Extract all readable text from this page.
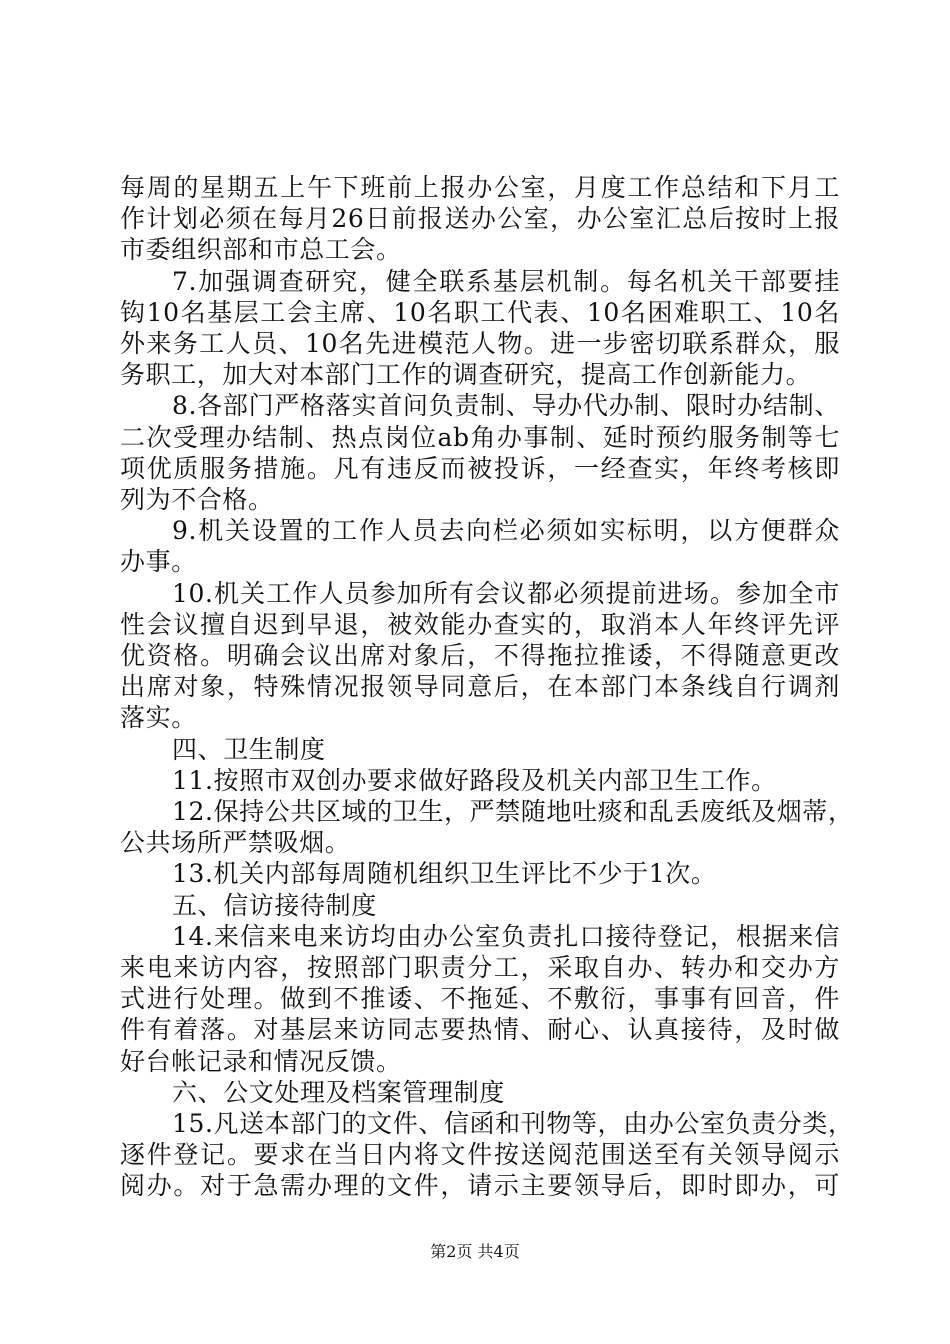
每周的星期五上午下班前上报办公室，月度工作总结和下月工

作计划必须在每月26日前报送办公室，办公室汇总后按时上报

市委组织部和市总工会。

7.加强调查研究，健全联系基层机制。每名机关干部要挂

钩10名基层工会主席、10名职工代表、10名困难职工、10名

外来务工人员、10名先进模范人物。进一步密切联系群众，服

务职工，加大对本部门工作的调查研究，提高工作创新能力。

8.各部门严格落实首问负责制、导办代办制、限时办结制、

二次受理办结制、热点岗位ab角办事制、延时预约服务制等七

项优质服务措施。凡有违反而被投诉，一经查实，年终考核即

列为不合格。

9.机关设置的工作人员去向栏必须如实标明，以方便群众

办事。

10.机关工作人员参加所有会议都必须提前进场。参加全市

性会议擅自迟到早退，被效能办查实的，取消本人年终评先评

优资格。明确会议出席对象后，不得拖拉推诿，不得随意更改

出席对象，特殊情况报领导同意后，在本部门本条线自行调剂

落实。

四、卫生制度

11.按照市双创办要求做好路段及机关内部卫生工作。

12.保持公共区域的卫生，严禁随地吐痰和乱丢废纸及烟蒂，

公共场所严禁吸烟。

13.机关内部每周随机组织卫生评比不少于1次。

五、信访接待制度

14.来信来电来访均由办公室负责扎口接待登记，根据来信

来电来访内容，按照部门职责分工，采取自办、转办和交办方

式进行处理。做到不推诿、不拖延、不敷衍，事事有回音，件

件有着落。对基层来访同志要热情、耐心、认真接待，及时做

好台帐记录和情况反馈。

六、公文处理及档案管理制度

15.凡送本部门的文件、信函和刊物等，由办公室负责分类，

逐件登记。要求在当日内将文件按送阅范围送至有关领导阅示

阅办。对于急需办理的文件，请示主要领导后，即时即办，可

第2页 共4页
